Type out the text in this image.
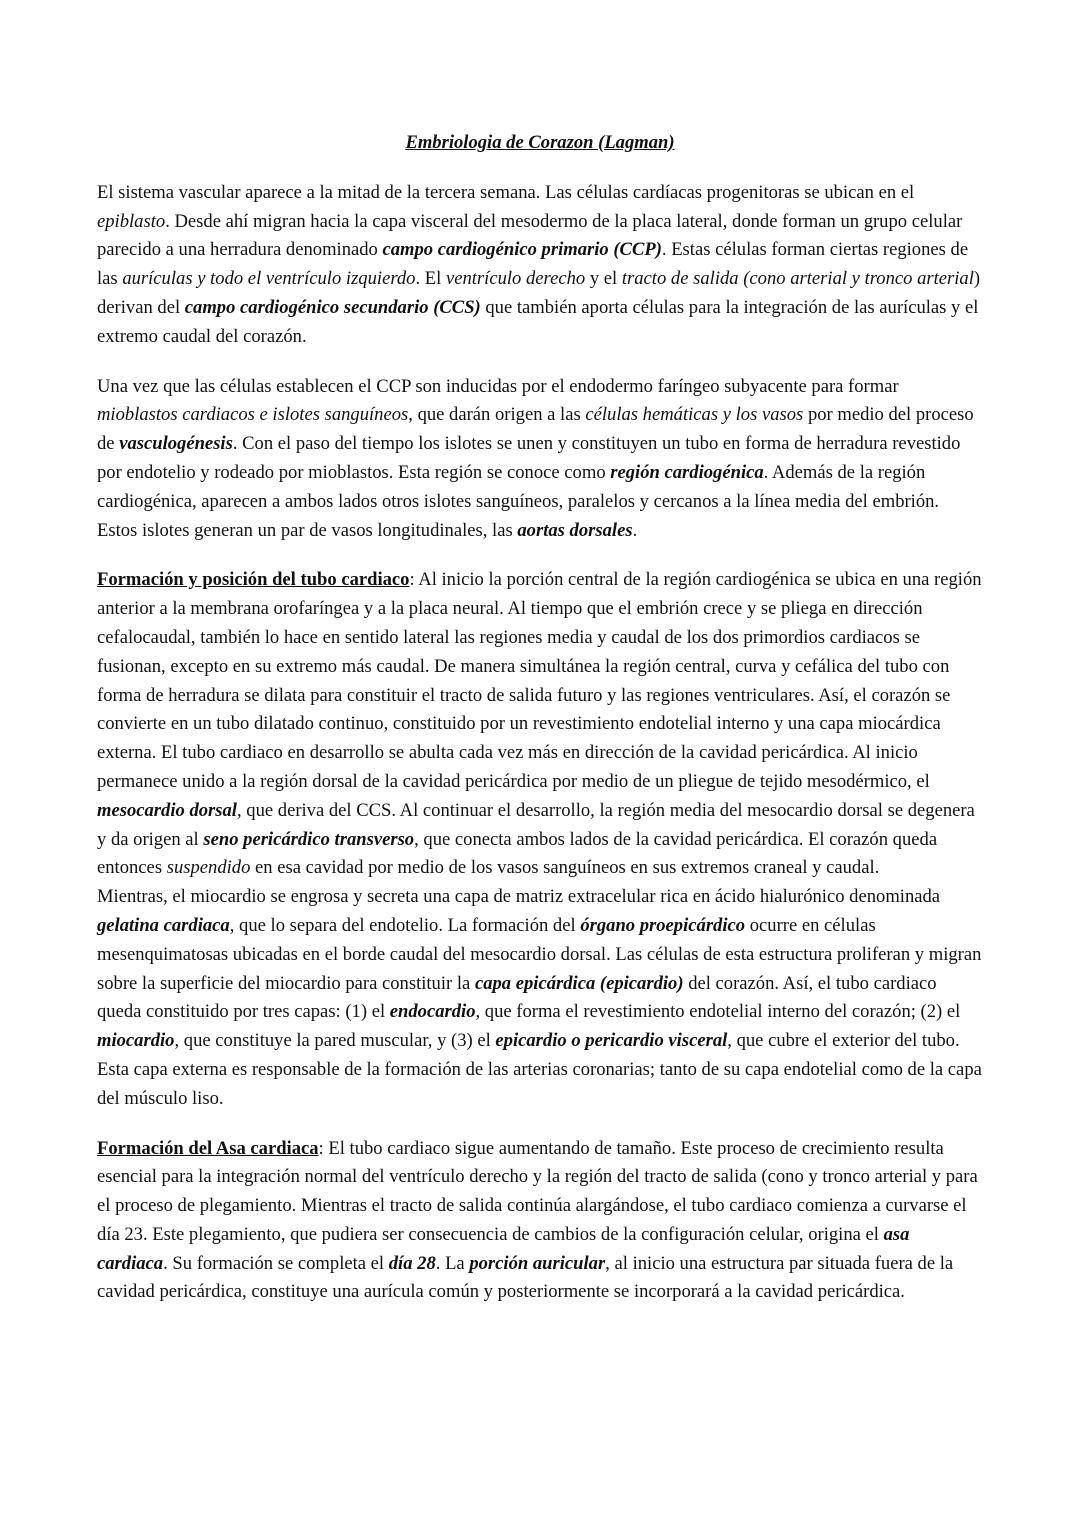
Embriologia de Corazon (Lagman)

El sistema vascular aparece a la mitad de la tercera semana. Las células cardíacas progenitoras se ubican en el epiblasto. Desde ahí migran hacia la capa visceral del mesodermo de la placa lateral, donde forman un grupo celular parecido a una herradura denominado campo cardiogénico primario (CCP). Estas células forman ciertas regiones de las aurículas y todo el ventrículo izquierdo. El ventrículo derecho y el tracto de salida (cono arterial y tronco arterial) derivan del campo cardiogénico secundario (CCS) que también aporta células para la integración de las aurículas y el extremo caudal del corazón.

Una vez que las células establecen el CCP son inducidas por el endodermo faríngeo subyacente para formar mioblastos cardiacos e islotes sanguíneos, que darán origen a las células hemáticas y los vasos por medio del proceso de vasculogénesis. Con el paso del tiempo los islotes se unen y constituyen un tubo en forma de herradura revestido por endotelio y rodeado por mioblastos. Esta región se conoce como región cardiogénica. Además de la región cardiogénica, aparecen a ambos lados otros islotes sanguíneos, paralelos y cercanos a la línea media del embrión. Estos islotes generan un par de vasos longitudinales, las aortas dorsales.

Formación y posición del tubo cardiaco: Al inicio la porción central de la región cardiogénica se ubica en una región anterior a la membrana orofaríngea y a la placa neural. Al tiempo que el embrión crece y se pliega en dirección cefalocaudal, también lo hace en sentido lateral las regiones media y caudal de los dos primordios cardiacos se fusionan, excepto en su extremo más caudal. De manera simultánea la región central, curva y cefálica del tubo con forma de herradura se dilata para constituir el tracto de salida futuro y las regiones ventriculares. Así, el corazón se convierte en un tubo dilatado continuo, constituido por un revestimiento endotelial interno y una capa miocárdica externa. El tubo cardiaco en desarrollo se abulta cada vez más en dirección de la cavidad pericárdica. Al inicio permanece unido a la región dorsal de la cavidad pericárdica por medio de un pliegue de tejido mesodérmico, el mesocardio dorsal, que deriva del CCS. Al continuar el desarrollo, la región media del mesocardio dorsal se degenera y da origen al seno pericárdico transverso, que conecta ambos lados de la cavidad pericárdica. El corazón queda entonces suspendido en esa cavidad por medio de los vasos sanguíneos en sus extremos craneal y caudal.

Mientras, el miocardio se engrosa y secreta una capa de matriz extracelular rica en ácido hialurónico denominada gelatina cardiaca, que lo separa del endotelio. La formación del órgano proepicárdico ocurre en células mesenquimatosas ubicadas en el borde caudal del mesocardio dorsal. Las células de esta estructura proliferan y migran sobre la superficie del miocardio para constituir la capa epicárdica (epicardio) del corazón. Así, el tubo cardiaco queda constituido por tres capas: (1) el endocardio, que forma el revestimiento endotelial interno del corazón; (2) el miocardio, que constituye la pared muscular, y (3) el epicardio o pericardio visceral, que cubre el exterior del tubo. Esta capa externa es responsable de la formación de las arterias coronarias; tanto de su capa endotelial como de la capa del músculo liso.

Formación del Asa cardiaca: El tubo cardiaco sigue aumentando de tamaño. Este proceso de crecimiento resulta esencial para la integración normal del ventrículo derecho y la región del tracto de salida (cono y tronco arterial y para el proceso de plegamiento. Mientras el tracto de salida continúa alargándose, el tubo cardiaco comienza a curvarse el día 23. Este plegamiento, que pudiera ser consecuencia de cambios de la configuración celular, origina el asa cardiaca. Su formación se completa el día 28. La porción auricular, al inicio una estructura par situada fuera de la cavidad pericárdica, constituye una aurícula común y posteriormente se incorporará a la cavidad pericárdica.
